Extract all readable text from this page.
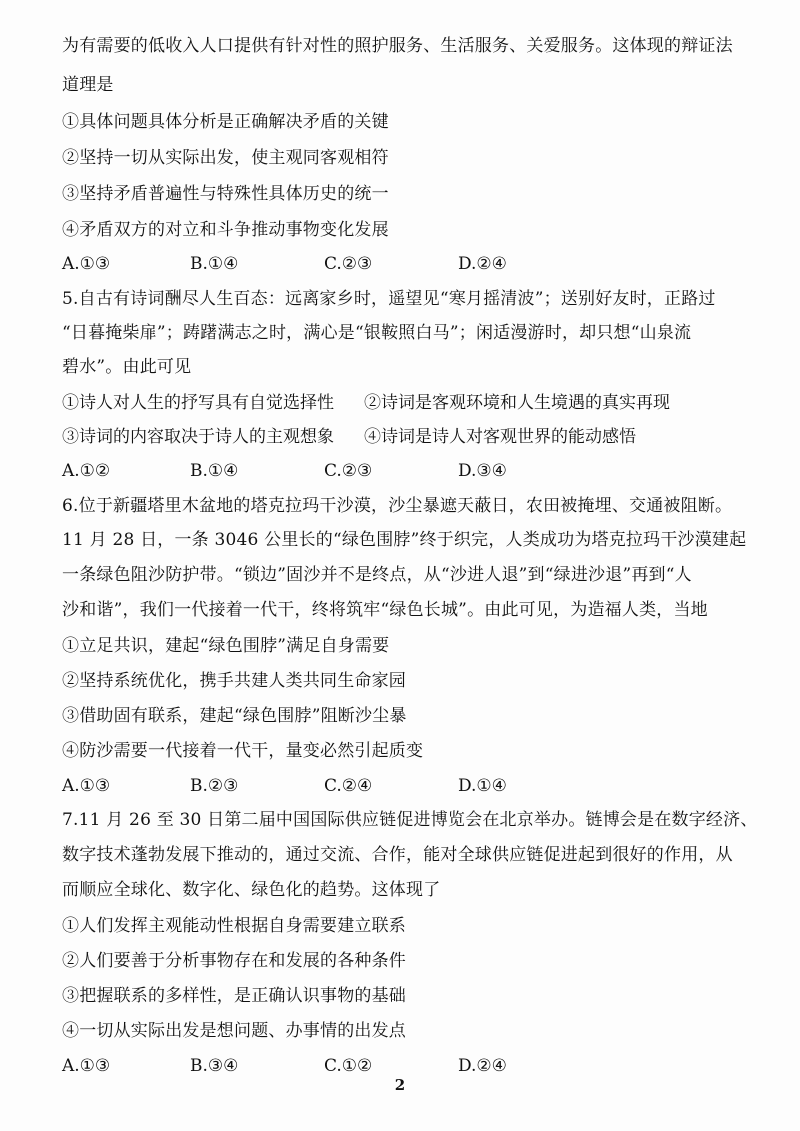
为有需要的低收入人口提供有针对性的照护服务、生活服务、关爱服务。这体现的辩证法
道理是
①具体问题具体分析是正确解决矛盾的关键
②坚持一切从实际出发，使主观同客观相符
③坚持矛盾普遍性与特殊性具体历史的统一
④矛盾双方的对立和斗争推动事物变化发展
A.①③	B.①④	C.②③	D.②④
5.自古有诗词酬尽人生百态：远离家乡时，遥望见“寒月摇清波”；送别好友时，正路过
“日暮掩柴扉”；踌躇满志之时，满心是“银鞍照白马”；闲适漫游时，却只想“山泉流
碧水”。由此可见
①诗人对人生的抒写具有自觉选择性 ②诗词是客观环境和人生境遇的真实再现
③诗词的内容取决于诗人的主观想象 ④诗词是诗人对客观世界的能动感悟
A.①②	B.①④	C.②③	D.③④
6.位于新疆塔里木盆地的塔克拉玛干沙漠，沙尘暴遮天蔽日，农田被掩埋、交通被阻断。
11 月 28 日，一条 3046 公里长的“绿色围脖”终于织完，人类成功为塔克拉玛干沙漠建起
一条绿色阻沙防护带。“锁边”固沙并不是终点，从“沙进人退”到“绿进沙退”再到“人
沙和谐”，我们一代接着一代干，终将筑牢“绿色长城”。由此可见，为造福人类，当地
①立足共识，建起“绿色围脖”满足自身需要
②坚持系统优化，携手共建人类共同生命家园
③借助固有联系，建起“绿色围脖”阻断沙尘暴
④防沙需要一代接着一代干，量变必然引起质变
A.①③	B.②③	C.②④	D.①④
7.11 月 26 至 30 日第二届中国国际供应链促进博览会在北京举办。链博会是在数字经济、
数字技术蓬勃发展下推动的，通过交流、合作，能对全球供应链促进起到很好的作用，从
而顺应全球化、数字化、绿色化的趋势。这体现了
①人们发挥主观能动性根据自身需要建立联系
②人们要善于分析事物存在和发展的各种条件
③把握联系的多样性，是正确认识事物的基础
④一切从实际出发是想问题、办事情的出发点
A.①③	B.③④	C.①②	D.②④
2
